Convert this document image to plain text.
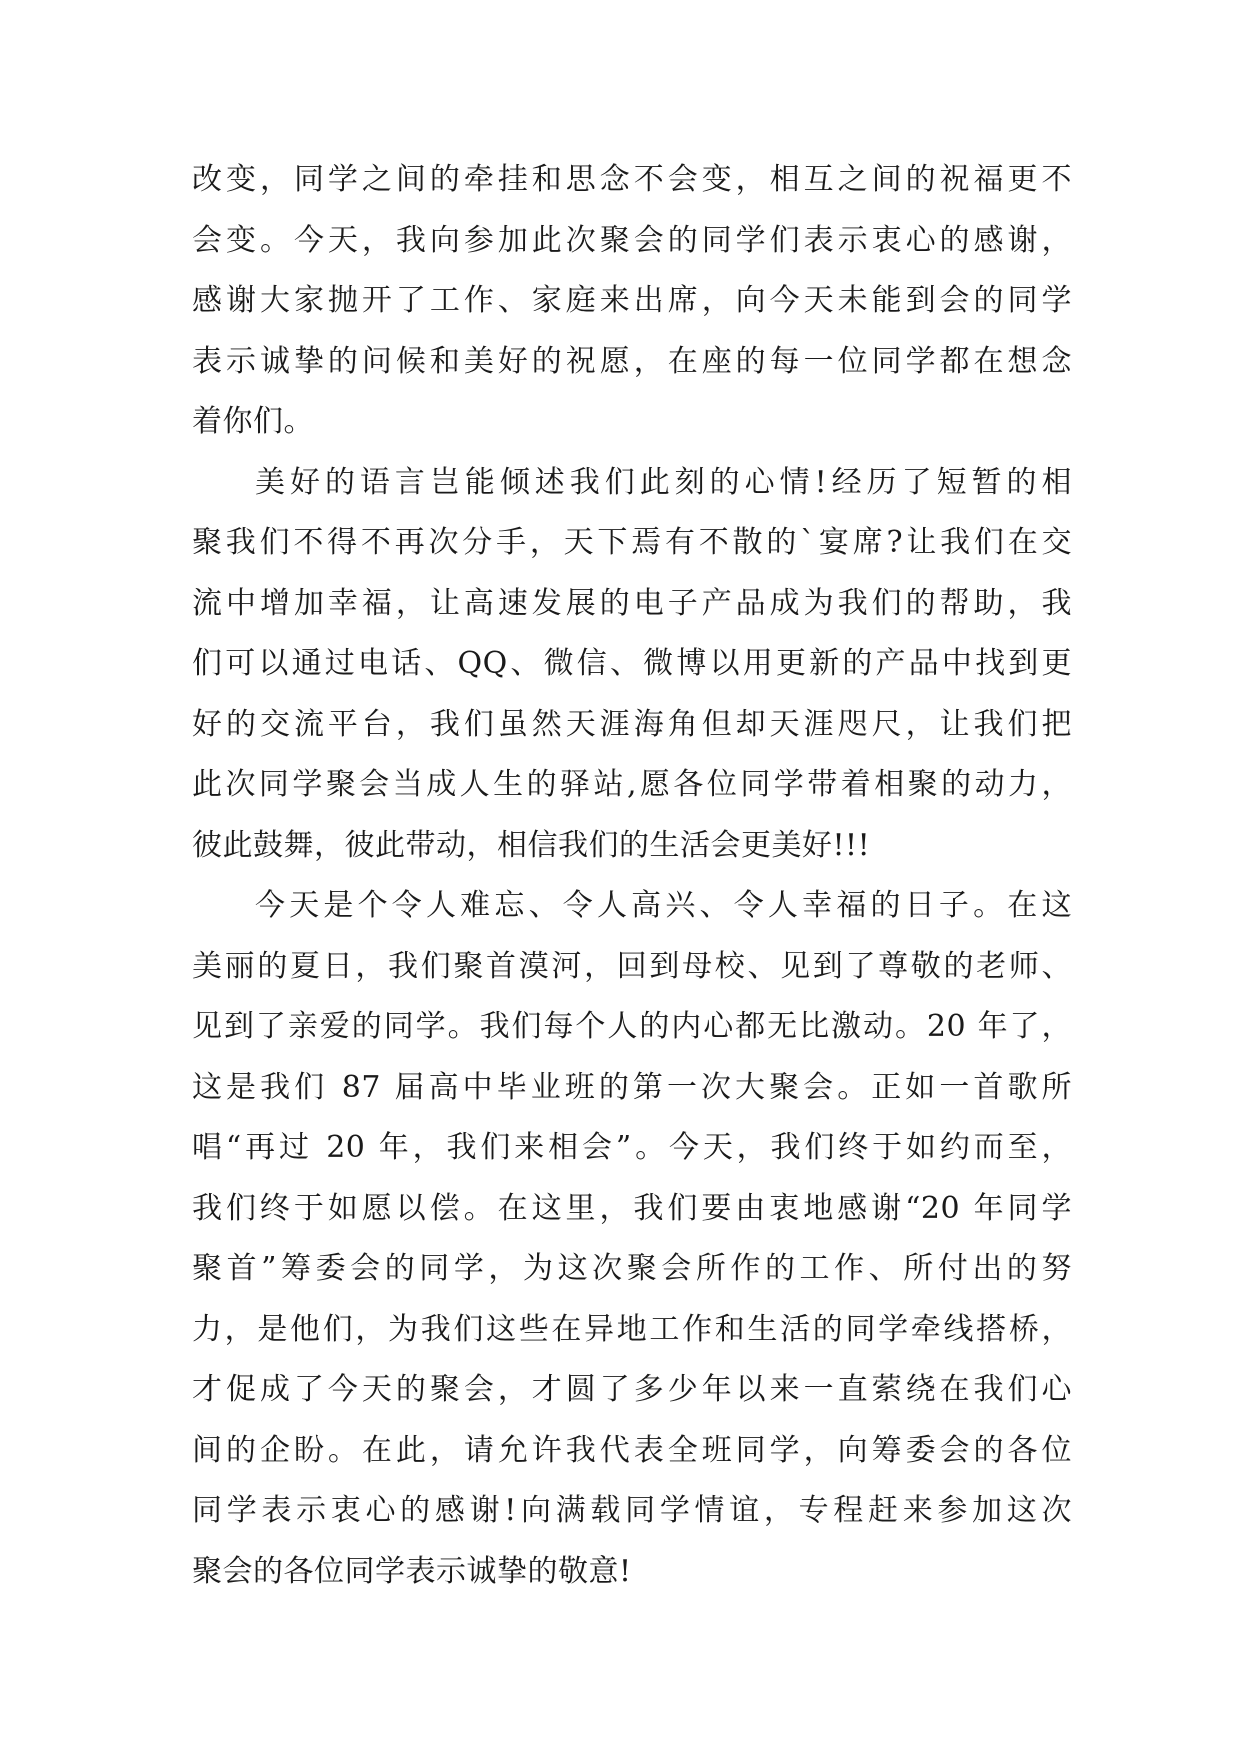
改变，同学之间的牵挂和思念不会变，相互之间的祝福更不
会变。今天，我向参加此次聚会的同学们表示衷心的感谢，
感谢大家抛开了工作、家庭来出席，向今天未能到会的同学
表示诚挚的问候和美好的祝愿，在座的每一位同学都在想念
着你们。
美好的语言岂能倾述我们此刻的心情!经历了短暂的相
聚我们不得不再次分手，天下焉有不散的`宴席?让我们在交
流中增加幸福，让高速发展的电子产品成为我们的帮助，我
们可以通过电话、QQ、微信、微博以用更新的产品中找到更
好的交流平台，我们虽然天涯海角但却天涯咫尺，让我们把
此次同学聚会当成人生的驿站,愿各位同学带着相聚的动力，
彼此鼓舞，彼此带动，相信我们的生活会更美好!!!
今天是个令人难忘、令人高兴、令人幸福的日子。在这
美丽的夏日，我们聚首漠河，回到母校、见到了尊敬的老师、
见到了亲爱的同学。我们每个人的内心都无比激动。20 年了，
这是我们 87 届高中毕业班的第一次大聚会。正如一首歌所
唱“再过 20 年，我们来相会”。今天，我们终于如约而至，
我们终于如愿以偿。在这里，我们要由衷地感谢“20 年同学
聚首”筹委会的同学，为这次聚会所作的工作、所付出的努
力，是他们，为我们这些在异地工作和生活的同学牵线搭桥，
才促成了今天的聚会，才圆了多少年以来一直萦绕在我们心
间的企盼。在此，请允许我代表全班同学，向筹委会的各位
同学表示衷心的感谢!向满载同学情谊，专程赶来参加这次
聚会的各位同学表示诚挚的敬意!
